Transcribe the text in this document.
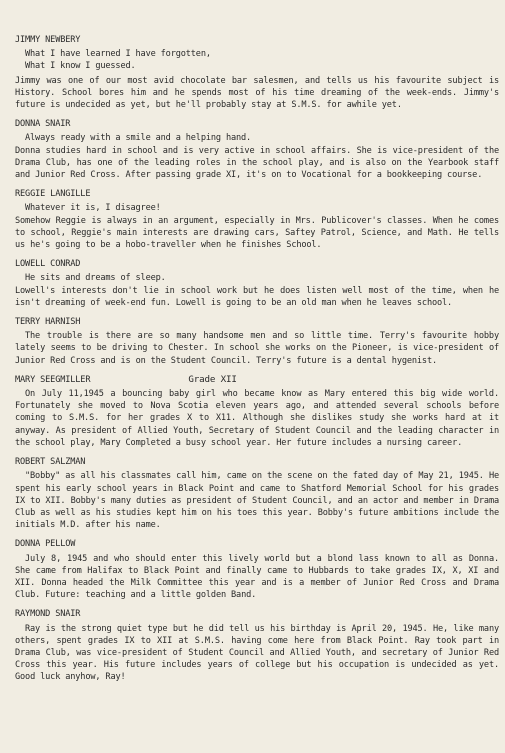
JIMMY NEWBERY
What I have learned I have forgotten,
What I know I guessed.

Jimmy was one of our most avid chocolate bar salesmen, and tells us his favourite subject is History. School bores him and he spends most of his time dreaming of the week-ends. Jimmy's future is undecided as yet, but he'll probably stay at S.M.S. for awhile yet.

DONNA SNAIR
Always ready with a smile and a helping hand.

Donna studies hard in school and is very active in school affairs. She is vice-president of the Drama Club, has one of the leading roles in the school play, and is also on the Yearbook staff and Junior Red Cross. After passing grade XI, it's on to Vocational for a bookkeeping course.

REGGIE LANGILLE
Whatever it is, I disagree!

Somehow Reggie is always in an argument, especially in Mrs. Publicover's classes. When he comes to school, Reggie's main interests are drawing cars, Saftey Patrol, Science, and Math. He tells us he's going to be a hobo-traveller when he finishes School.

LOWELL CONRAD
He sits and dreams of sleep.

Lowell's interests don't lie in school work but he does listen well most of the time, when he isn't dreaming of week-end fun. Lowell is going to be an old man when he leaves school.

TERRY HARNISH

The trouble is there are so many handsome men and so little time. Terry's favourite hobby lately seems to be driving to Chester. In school she works on the Pioneer, is vice-president of Junior Red Cross and is on the Student Council. Terry's future is a dental hygenist.

MARY SEEGMILLER	Grade XII

On July 11,1945 a bouncing baby girl who became know as Mary entered this big wide world. Fortunately she moved to Nova Scotia eleven years ago, and attended several schools before coming to S.M.S. for her grades X to X11. Although she dislikes study she works hard at it anyway. As president of Allied Youth, Secretary of Student Council and the leading character in the school play, Mary Completed a busy school year. Her future includes a nursing career.

ROBERT SALZMAN

"Bobby" as all his classmates call him, came on the scene on the fated day of May 21, 1945. He spent his early school years in Black Point and came to Shatford Memorial School for his grades IX to XII. Bobby's many duties as president of Student Council, and an actor and member in Drama Club as well as his studies kept him on his toes this year. Bobby's future ambitions include the initials M.D. after his name.

DONNA PELLOW

July 8, 1945 and who should enter this lively world but a blond lass known to all as Donna. She came from Halifax to Black Point and finally came to Hubbards to take grades IX, X, XI and XII. Donna headed the Milk Committee this year and is a member of Junior Red Cross and Drama Club. Future: teaching and a little golden Band.

RAYMOND SNAIR

Ray is the strong quiet type but he did tell us his birthday is April 20, 1945. He, like many others, spent grades IX to XII at S.M.S. having come here from Black Point. Ray took part in Drama Club, was vice-president of Student Council and Allied Youth, and secretary of Junior Red Cross this year. His future includes years of college but his occupation is undecided as yet. Good luck anyhow, Ray!
